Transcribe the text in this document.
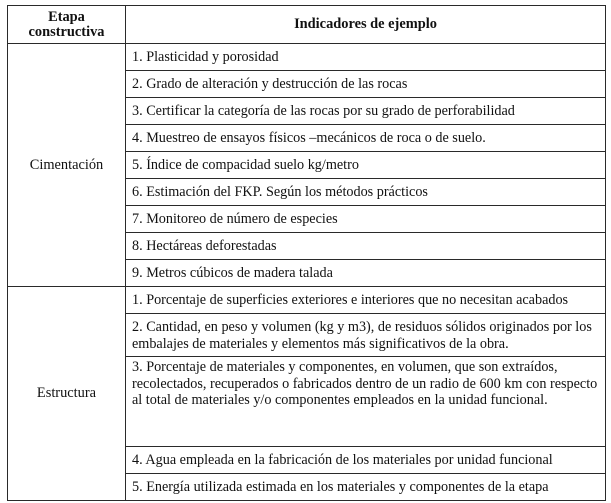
Etapa constructiva	Indicadores de ejemplo
Cimentación	1. Plasticidad y porosidad
	2. Grado de alteración y destrucción de las rocas
	3. Certificar la categoría de las rocas por su grado de perforabilidad
	4. Muestreo de ensayos físicos –mecánicos de roca o de suelo.
	5. Índice de compacidad suelo kg/metro
	6. Estimación del FKP. Según los métodos prácticos
	7. Monitoreo de número de especies
	8. Hectáreas deforestadas
	9. Metros cúbicos de madera talada
Estructura	1. Porcentaje de superficies exteriores e interiores que no necesitan acabados
	2. Cantidad, en peso y volumen (kg y m3), de residuos sólidos originados por los embalajes de materiales y elementos más significativos de la obra.
	3. Porcentaje de materiales y componentes, en volumen, que son extraídos, recolectados, recuperados o fabricados dentro de un radio de 600 km con respecto al total de materiales y/o componentes empleados en la unidad funcional.
	4. Agua empleada en la fabricación de los materiales por unidad funcional
	5. Energía utilizada estimada en los materiales y componentes de la etapa
